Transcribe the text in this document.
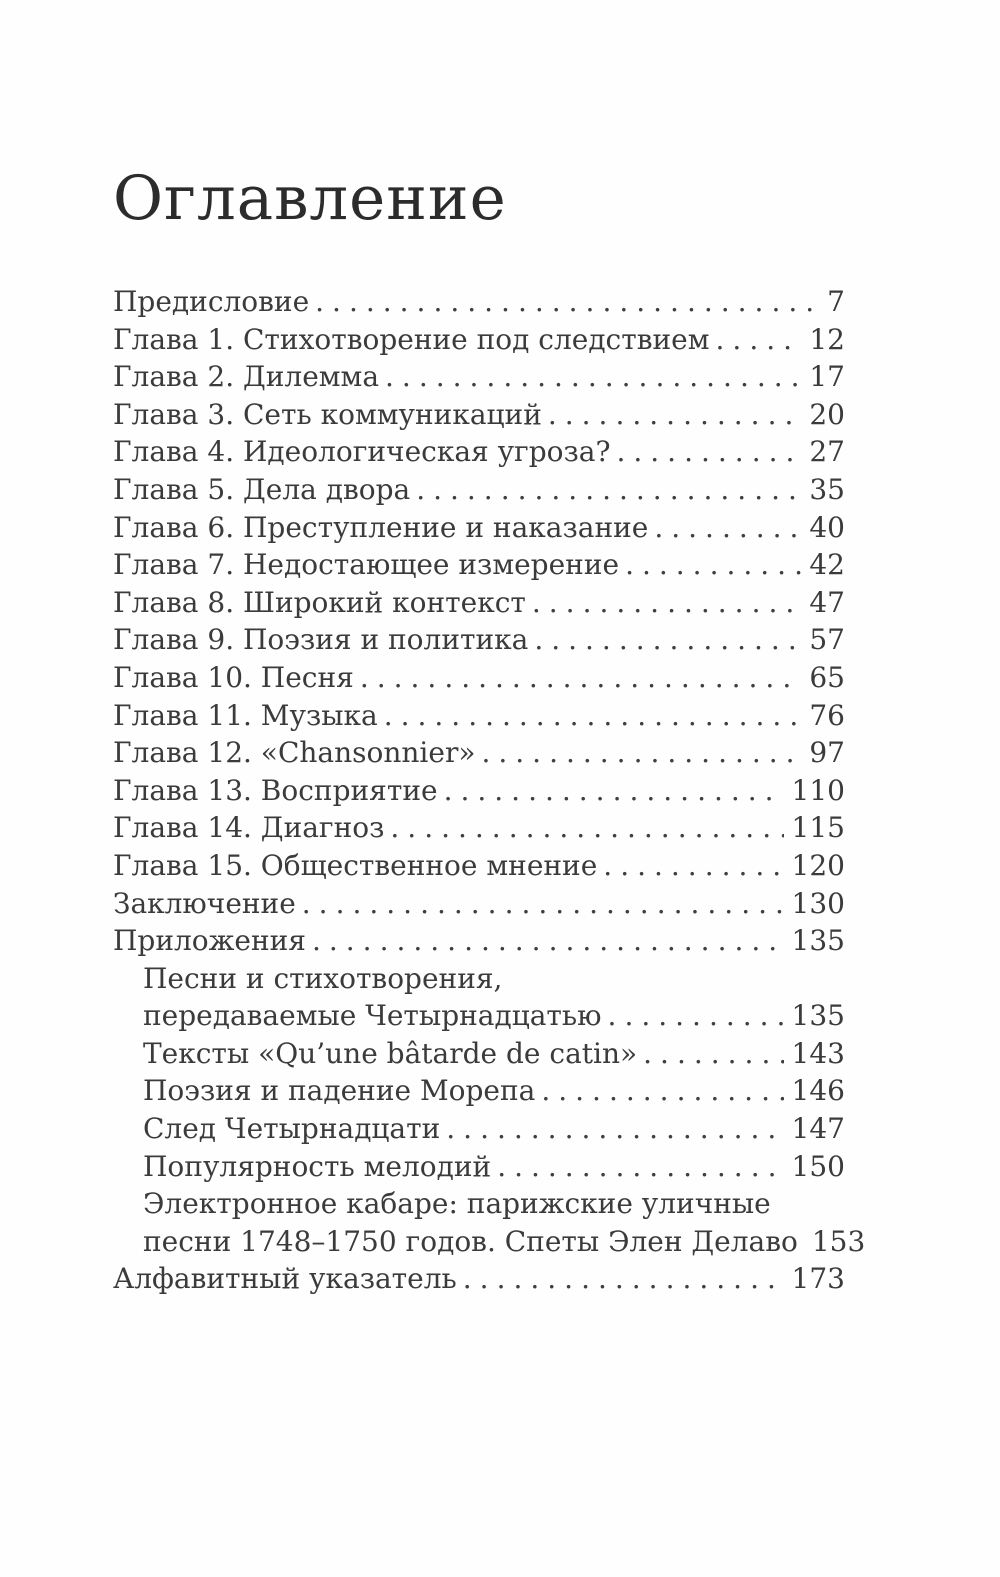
Оглавление
Предисловие .....	7
Глава 1. Стихотворение под следствием .....	12
Глава 2. Дилемма .....	17
Глава 3. Сеть коммуникаций .....	20
Глава 4. Идеологическая угроза? .....	27
Глава 5. Дела двора .....	35
Глава 6. Преступление и наказание .....	40
Глава 7. Недостающее измерение .....	42
Глава 8. Широкий контекст .....	47
Глава 9. Поэзия и политика .....	57
Глава 10. Песня .....	65
Глава 11. Музыка .....	76
Глава 12. «Chansonnier» .....	97
Глава 13. Восприятие .....	110
Глава 14. Диагноз .....	115
Глава 15. Общественное мнение .....	120
Заключение .....	130
Приложения .....	135
Песни и стихотворения,
передаваемые Четырнадцатью .....	135
Тексты «Qu’une bâtarde de catin» .....	143
Поэзия и падение Морепа .....	146
След Четырнадцати .....	147
Популярность мелодий .....	150
Электронное кабаре: парижские уличные
песни 1748–1750 годов. Спеты Элен Делаво 153
Алфавитный указатель .....	173
